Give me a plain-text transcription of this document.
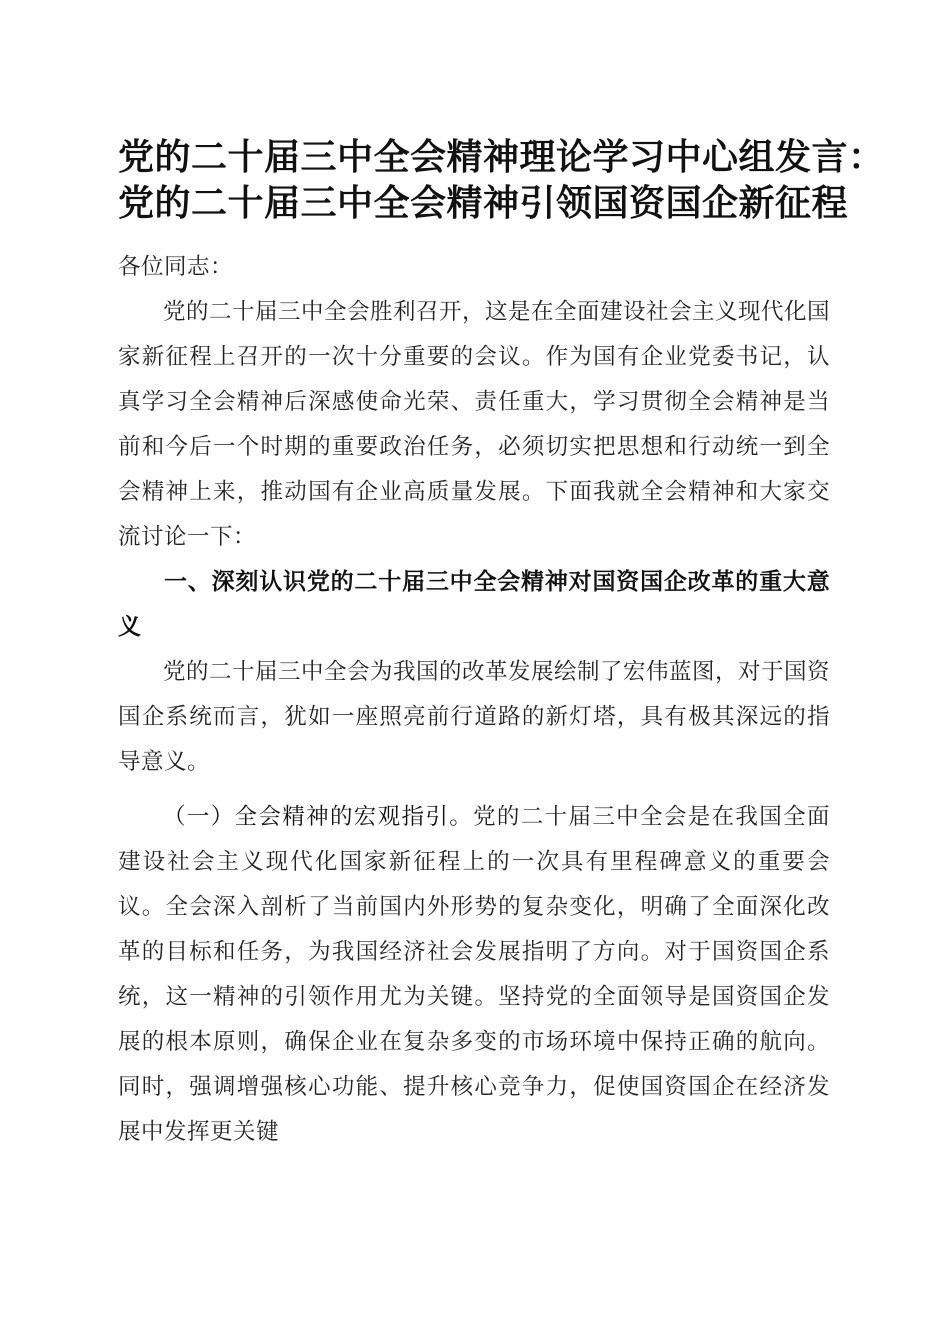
党的二十届三中全会精神理论学习中心组发言：
党的二十届三中全会精神引领国资国企新征程

各位同志：

党的二十届三中全会胜利召开，这是在全面建设社会主义现代化国家新征程上召开的一次十分重要的会议。作为国有企业党委书记，认真学习全会精神后深感使命光荣、责任重大，学习贯彻全会精神是当前和今后一个时期的重要政治任务，必须切实把思想和行动统一到全会精神上来，推动国有企业高质量发展。下面我就全会精神和大家交流讨论一下：

一、深刻认识党的二十届三中全会精神对国资国企改革的重大意义

党的二十届三中全会为我国的改革发展绘制了宏伟蓝图，对于国资国企系统而言，犹如一座照亮前行道路的新灯塔，具有极其深远的指导意义。

（一）全会精神的宏观指引。党的二十届三中全会是在我国全面建设社会主义现代化国家新征程上的一次具有里程碑意义的重要会议。全会深入剖析了当前国内外形势的复杂变化，明确了全面深化改革的目标和任务，为我国经济社会发展指明了方向。对于国资国企系统，这一精神的引领作用尤为关键。坚持党的全面领导是国资国企发展的根本原则，确保企业在复杂多变的市场环境中保持正确的航向。同时，强调增强核心功能、提升核心竞争力，促使国资国企在经济发展中发挥更关键
